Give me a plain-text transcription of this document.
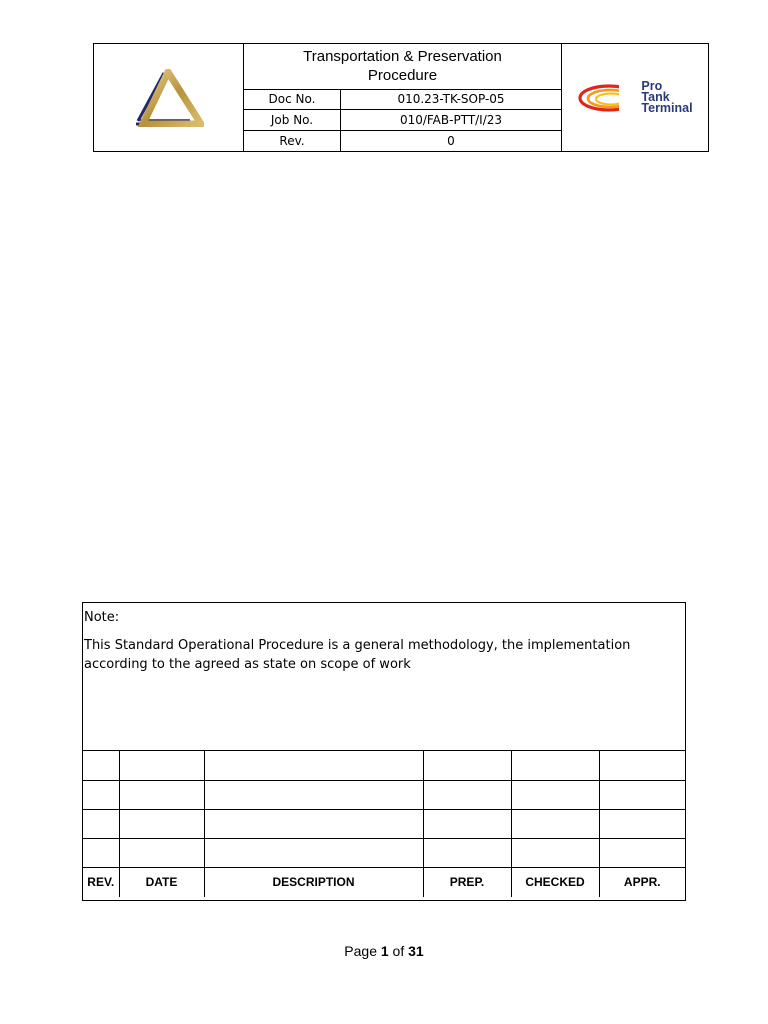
Transportation & Preservation
Procedure
Doc No.	010.23-TK-SOP-05
Job No.	010/FAB-PTT/I/23
Rev.	0
Pro
Tank
Terminal
Note:
This Standard Operational Procedure is a general methodology, the implementation
according to the agreed as state on scope of work

REV.	DATE	DESCRIPTION	PREP.	CHECKED	APPR.
Page 1 of 31
